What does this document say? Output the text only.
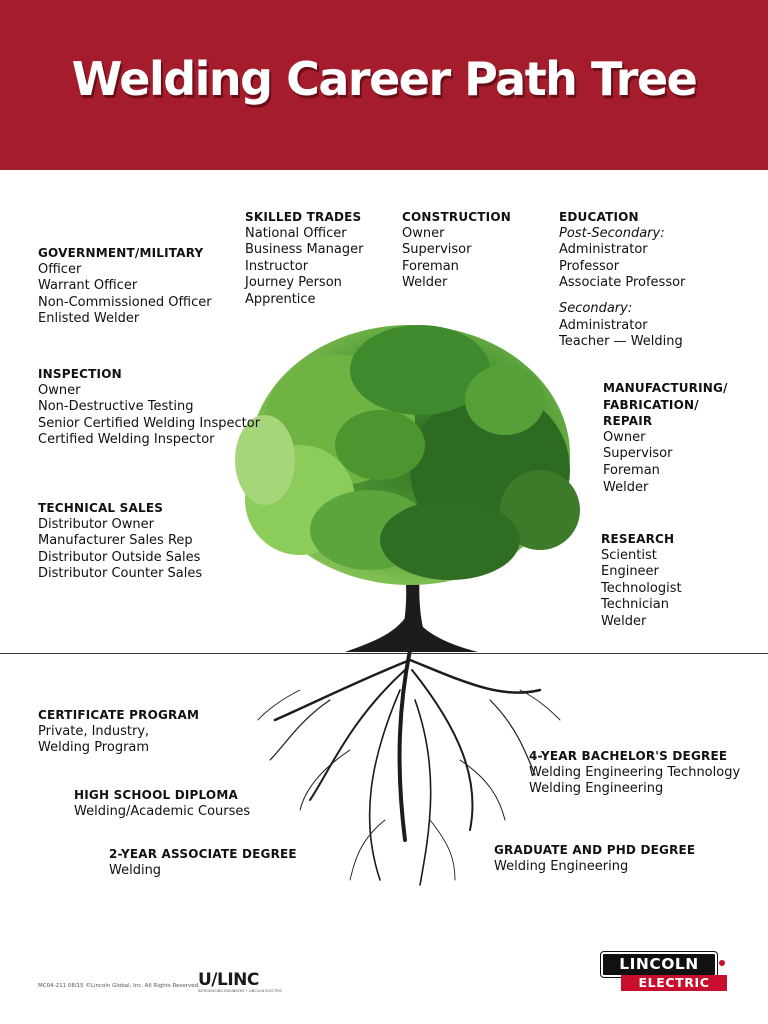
Welding Career Path Tree
SKILLED TRADES
National Officer
Business Manager
Instructor
Journey Person
Apprentice
CONSTRUCTION
Owner
Supervisor
Foreman
Welder
EDUCATION
Post-Secondary:
Administrator
Professor
Associate Professor
Secondary:
Administrator
Teacher — Welding
GOVERNMENT/MILITARY
Officer
Warrant Officer
Non-Commissioned Officer
Enlisted Welder
INSPECTION
Owner
Non-Destructive Testing
Senior Certified Welding Inspector
Certified Welding Inspector
MANUFACTURING/
FABRICATION/
REPAIR
Owner
Supervisor
Foreman
Welder
TECHNICAL SALES
Distributor Owner
Manufacturer Sales Rep
Distributor Outside Sales
Distributor Counter Sales
RESEARCH
Scientist
Engineer
Technologist
Technician
Welder
CERTIFICATE PROGRAM
Private, Industry,
Welding Program
HIGH SCHOOL DIPLOMA
Welding/Academic Courses
2-YEAR ASSOCIATE DEGREE
Welding
4-YEAR BACHELOR'S DEGREE
Welding Engineering Technology
Welding Engineering
GRADUATE AND PHD DEGREE
Welding Engineering
MC04-211 08/15 ©Lincoln Global, Inc. All Rights Reserved.
U/LINC
INTRODUCING ENGINEERS • LINCOLN ELECTRIC
LINCOLN
ELECTRIC
